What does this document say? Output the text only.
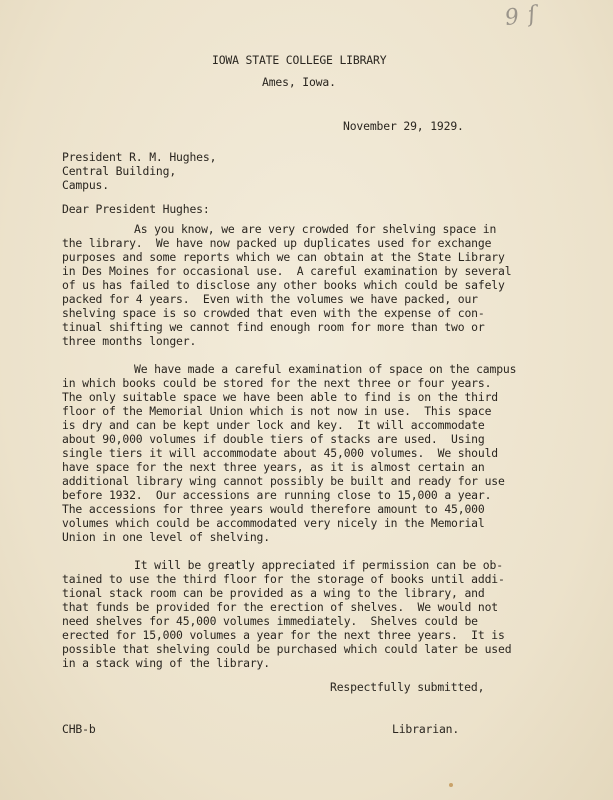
9 ſ
IOWA STATE COLLEGE LIBRARY
Ames, Iowa.
November 29, 1929.
President R. M. Hughes,
Central Building,
Campus.
Dear President Hughes:
As you know, we are very crowded for shelving space in
the library.  We have now packed up duplicates used for exchange
purposes and some reports which we can obtain at the State Library
in Des Moines for occasional use.  A careful examination by several
of us has failed to disclose any other books which could be safely
packed for 4 years.  Even with the volumes we have packed, our
shelving space is so crowded that even with the expense of con-
tinual shifting we cannot find enough room for more than two or
three months longer.
We have made a careful examination of space on the campus
in which books could be stored for the next three or four years.
The only suitable space we have been able to find is on the third
floor of the Memorial Union which is not now in use.  This space
is dry and can be kept under lock and key.  It will accommodate
about 90,000 volumes if double tiers of stacks are used.  Using
single tiers it will accommodate about 45,000 volumes.  We should
have space for the next three years, as it is almost certain an
additional library wing cannot possibly be built and ready for use
before 1932.  Our accessions are running close to 15,000 a year.
The accessions for three years would therefore amount to 45,000
volumes which could be accommodated very nicely in the Memorial
Union in one level of shelving.
It will be greatly appreciated if permission can be ob-
tained to use the third floor for the storage of books until addi-
tional stack room can be provided as a wing to the library, and
that funds be provided for the erection of shelves.  We would not
need shelves for 45,000 volumes immediately.  Shelves could be
erected for 15,000 volumes a year for the next three years.  It is
possible that shelving could be purchased which could later be used
in a stack wing of the library.
Respectfully submitted,
CHB-b	Librarian.
